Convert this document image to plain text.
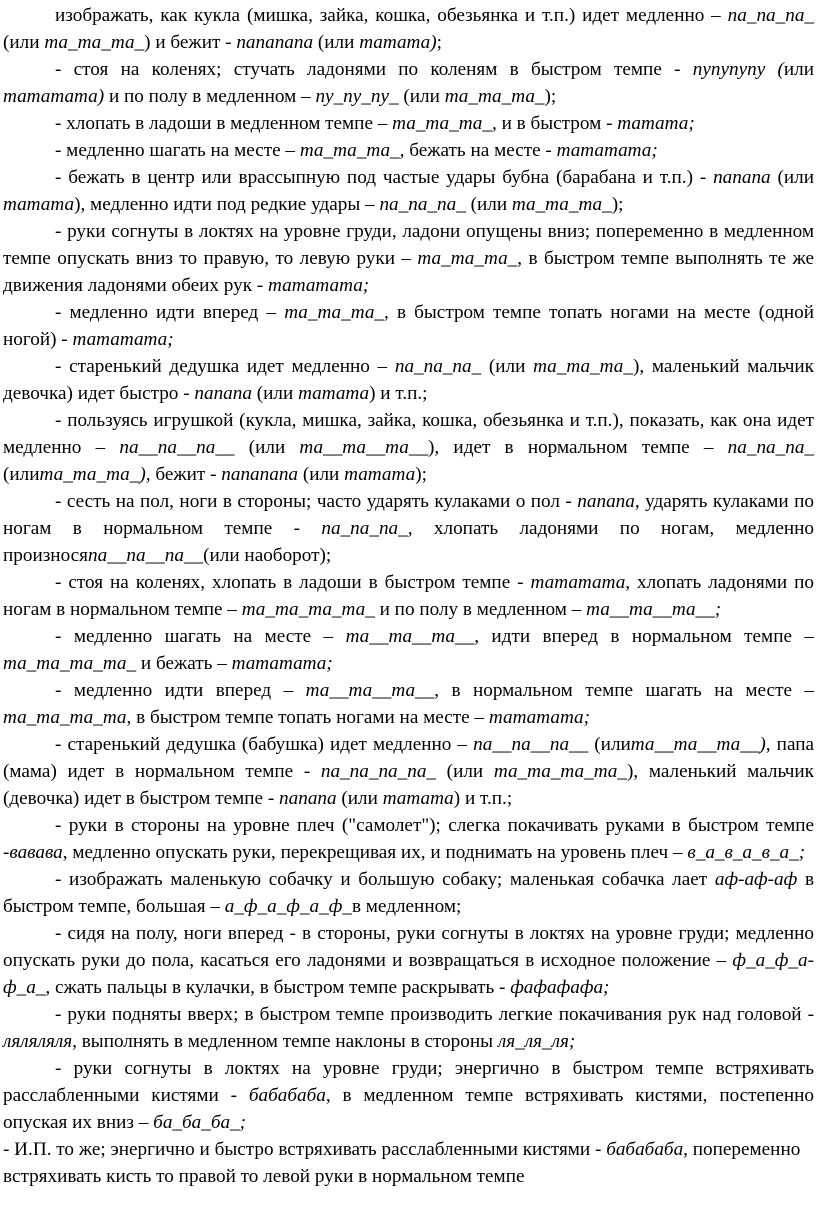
изображать, как кукла (мишка, зайка, кошка, обезьянка и т.п.) идет медленно – па_па_па_ (или та_та_та_) и бежит - папапапа (или татата);

- стоя на коленях; стучать ладонями по коленям в быстром темпе - пупупупу (или тататата) и по полу в медленном – пу_пу_пу_ (или та_та_та_);

- хлопать в ладоши в медленном темпе – та_та_та_, и в быстром - татата;

- медленно шагать на месте – та_та_та_, бежать на месте - тататата;

- бежать в центр или врассыпную под частые удары бубна (барабана и т.п.) - папапа (или татата), медленно идти под редкие удары – па_па_па_ (или та_та_та_);

- руки согнуты в локтях на уровне груди, ладони опущены вниз; попеременно в медленном темпе опускать вниз то правую, то левую руки – та_та_та_, в быстром темпе выполнять те же движения ладонями обеих рук - тататата;

- медленно идти вперед – та_та_та_, в быстром темпе топать ногами на месте (одной ногой) - тататата;

- старенький дедушка идет медленно – па_па_па_ (или та_та_та_), маленький мальчик девочка) идет быстро - папапа (или татата) и т.п.;

- пользуясь игрушкой (кукла, мишка, зайка, кошка, обезьянка и т.п.), показать, как она идет медленно – па__па__па__ (или та__та__та__), идет в нормальном темпе – па_па_па_ (илита_та_та_), бежит - папапапа (или татата);

- сесть на пол, ноги в стороны; часто ударять кулаками о пол - папапа, ударять кулаками по ногам в нормальном темпе - па_па_па_, хлопать ладонями по ногам, медленно произносяпа__па__па__(или наоборот);

- стоя на коленях, хлопать в ладоши в быстром темпе - тататата, хлопать ладонями по ногам в нормальном темпе – та_та_та_та_ и по полу в медленном – та__та__та__;

- медленно шагать на месте – та__та__та__, идти вперед в нормальном темпе – та_та_та_та_ и бежать – тататата;

- медленно идти вперед – та__та__та__, в нормальном темпе шагать на месте – та_та_та_та, в быстром темпе топать ногами на месте – тататата;

- старенький дедушка (бабушка) идет медленно – па__па__па__ (илита__та__та__), папа (мама) идет в нормальном темпе - па_па_па_па_ (или та_та_та_та_), маленький мальчик (девочка) идет в быстром темпе - папапа (или татата) и т.п.;

- руки в стороны на уровне плеч ("самолет"); слегка покачивать руками в быстром темпе -вавава, медленно опускать руки, перекрещивая их, и поднимать на уровень плеч – в_а_в_а_в_а_;

- изображать маленькую собачку и большую собаку; маленькая собачка лает аф-аф-аф в быстром темпе, большая – а_ф_а_ф_а_ф_в медленном;

- сидя на полу, ноги вперед - в стороны, руки согнуты в локтях на уровне груди; медленно опускать руки до пола, касаться его ладонями и возвращаться в исходное положение – ф_а_ф_а-ф_а_, сжать пальцы в кулачки, в быстром темпе раскрывать - фафафафа;

- руки подняты вверх; в быстром темпе производить легкие покачивания рук над головой - ляляляля, выполнять в медленном темпе наклоны в стороны ля_ля_ля;

- руки согнуты в локтях на уровне груди; энергично в быстром темпе встряхивать расслабленными кистями - бабабаба, в медленном темпе встряхивать кистями, постепенно опуская их вниз – ба_ба_ба_;

- И.П. то же; энергично и быстро встряхивать расслабленными кистями - бабабаба, попеременно встряхивать кисть то правой то левой руки в нормальном темпе
